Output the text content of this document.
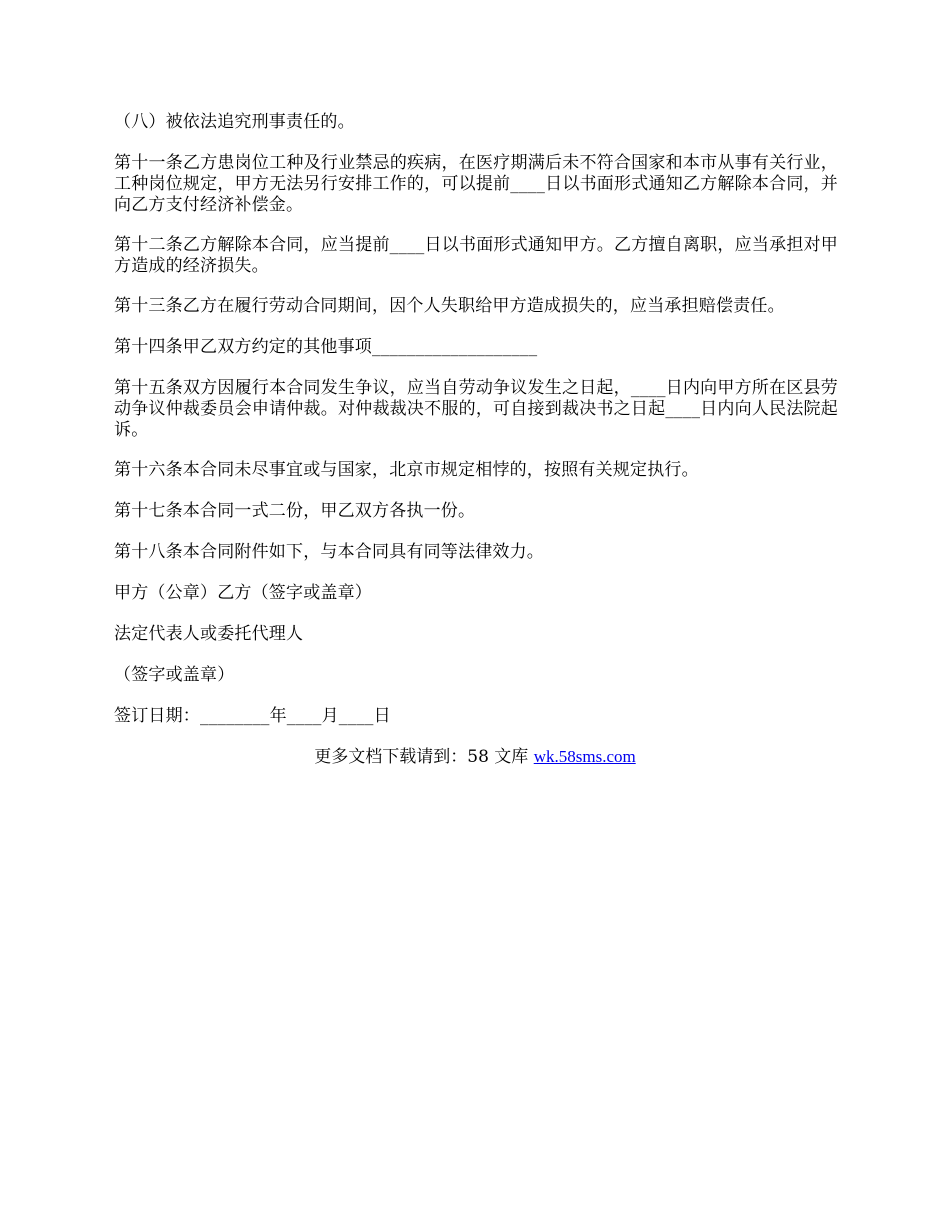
（八）被依法追究刑事责任的。

第十一条乙方患岗位工种及行业禁忌的疾病，在医疗期满后未不符合国家和本市从事有关行业，工种岗位规定，甲方无法另行安排工作的，可以提前____日以书面形式通知乙方解除本合同，并向乙方支付经济补偿金。

第十二条乙方解除本合同，应当提前____日以书面形式通知甲方。乙方擅自离职，应当承担对甲方造成的经济损失。

第十三条乙方在履行劳动合同期间，因个人失职给甲方造成损失的，应当承担赔偿责任。

第十四条甲乙双方约定的其他事项___________________

第十五条双方因履行本合同发生争议，应当自劳动争议发生之日起，____日内向甲方所在区县劳动争议仲裁委员会申请仲裁。对仲裁裁决不服的，可自接到裁决书之日起____日内向人民法院起诉。

第十六条本合同未尽事宜或与国家，北京市规定相悖的，按照有关规定执行。

第十七条本合同一式二份，甲乙双方各执一份。

第十八条本合同附件如下，与本合同具有同等法律效力。

甲方（公章）乙方（签字或盖章）

法定代表人或委托代理人

（签字或盖章）

签订日期：________年____月____日

更多文档下载请到：58 文库 wk.58sms.com
